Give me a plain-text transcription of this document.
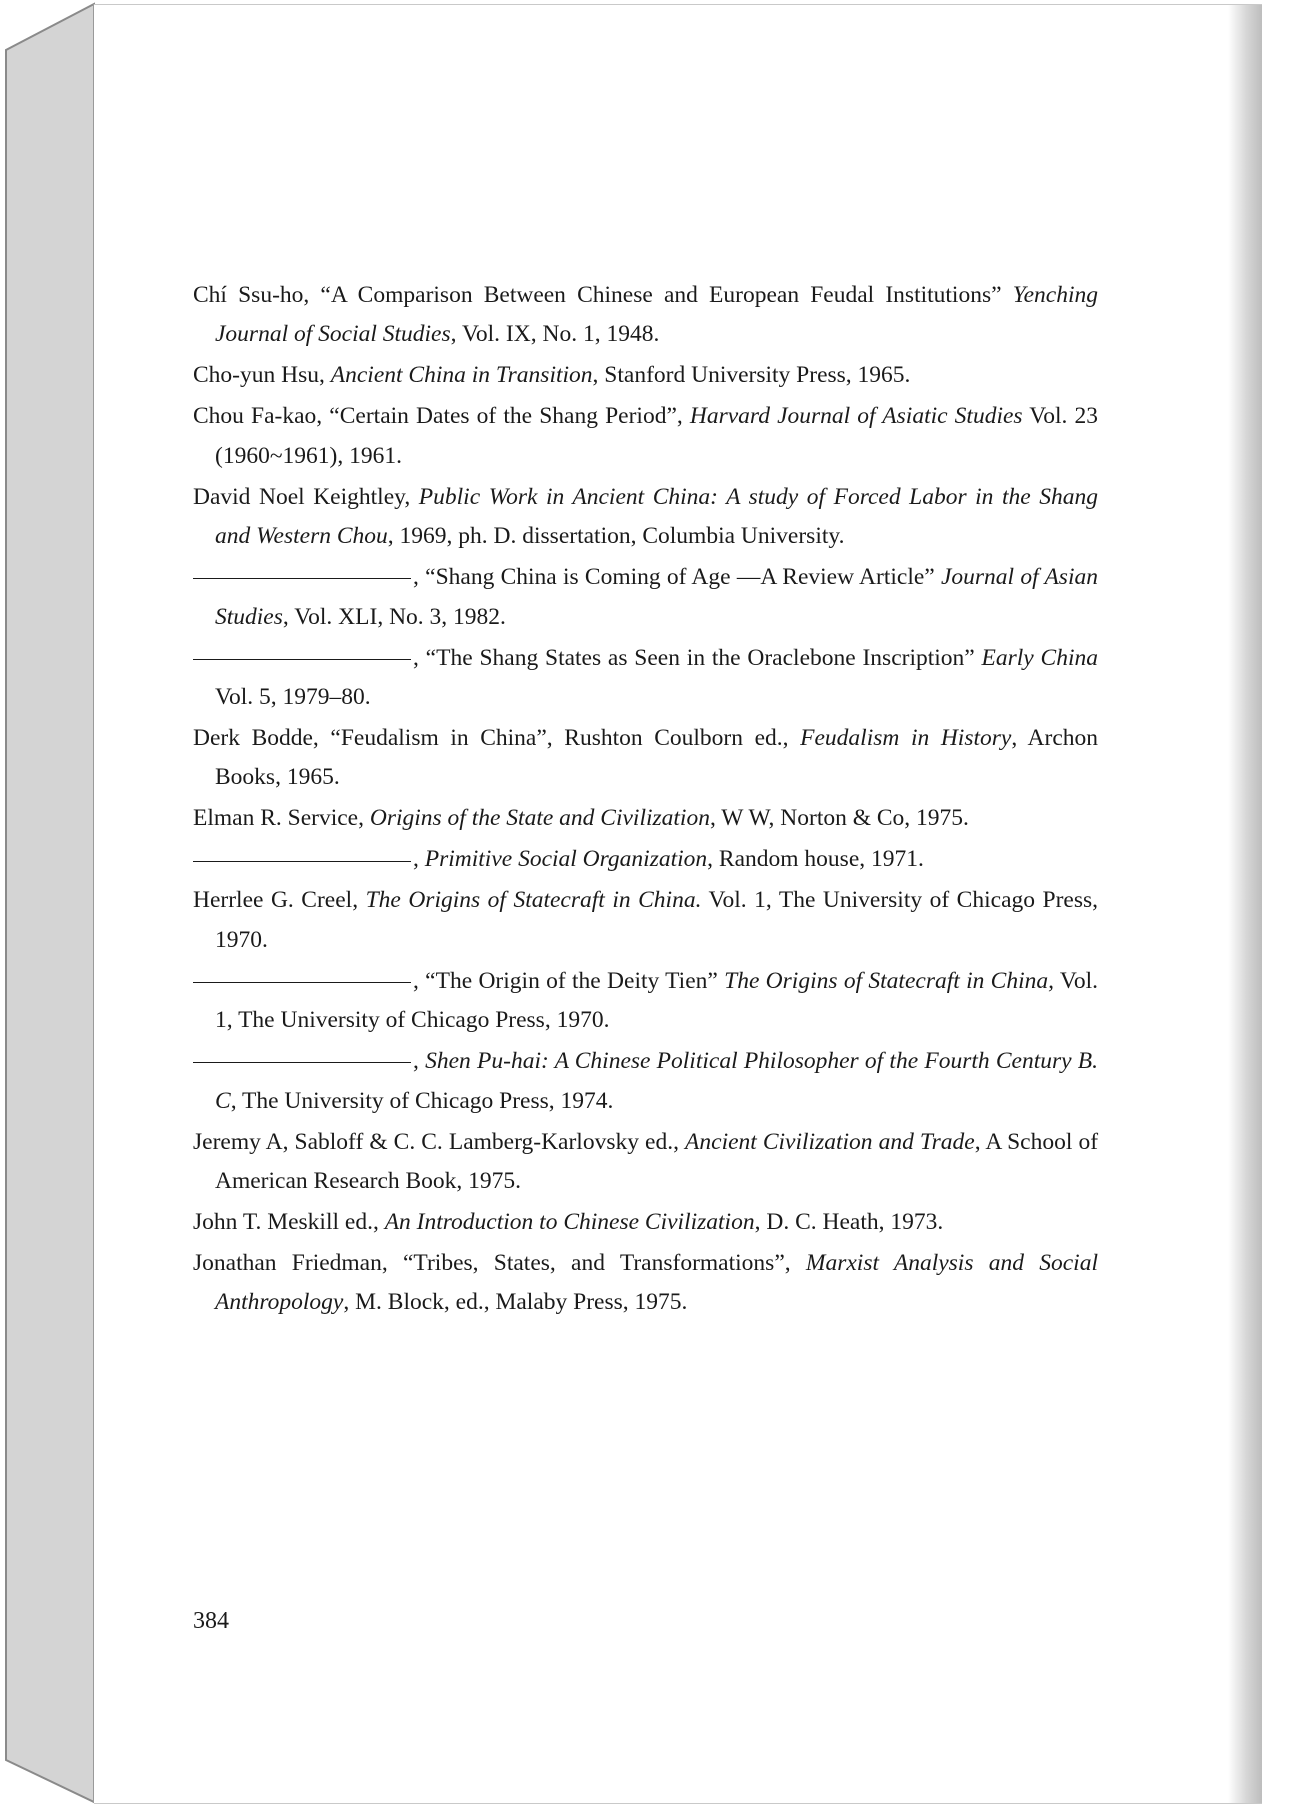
Chí Ssu-ho, “A Comparison Between Chinese and European Feudal Institutions” Yenching Journal of Social Studies, Vol. IX, No. 1, 1948.

Cho-yun Hsu, Ancient China in Transition, Stanford University Press, 1965.

Chou Fa-kao, “Certain Dates of the Shang Period”, Harvard Journal of Asiatic Studies Vol. 23 (1960~1961), 1961.

David Noel Keightley, Public Work in Ancient China: A study of Forced Labor in the Shang and Western Chou, 1969, ph. D. dissertation, Columbia University.

, “Shang China is Coming of Age —A Review Article” Journal of Asian Studies, Vol. XLI, No. 3, 1982.

, “The Shang States as Seen in the Oraclebone Inscription” Early China Vol. 5, 1979–80.

Derk Bodde, “Feudalism in China”, Rushton Coulborn ed., Feudalism in History, Archon Books, 1965.

Elman R. Service, Origins of the State and Civilization, W W, Norton & Co, 1975.

, Primitive Social Organization, Random house, 1971.

Herrlee G. Creel, The Origins of Statecraft in China. Vol. 1, The University of Chicago Press, 1970.

, “The Origin of the Deity Tien” The Origins of Statecraft in China, Vol. 1, The University of Chicago Press, 1970.

, Shen Pu-hai: A Chinese Political Philosopher of the Fourth Century B. C, The University of Chicago Press, 1974.

Jeremy A, Sabloff & C. C. Lamberg-Karlovsky ed., Ancient Civilization and Trade, A School of American Research Book, 1975.

John T. Meskill ed., An Introduction to Chinese Civilization, D. C. Heath, 1973.

Jonathan Friedman, “Tribes, States, and Transformations”, Marxist Analysis and Social Anthropology, M. Block, ed., Malaby Press, 1975.

384
